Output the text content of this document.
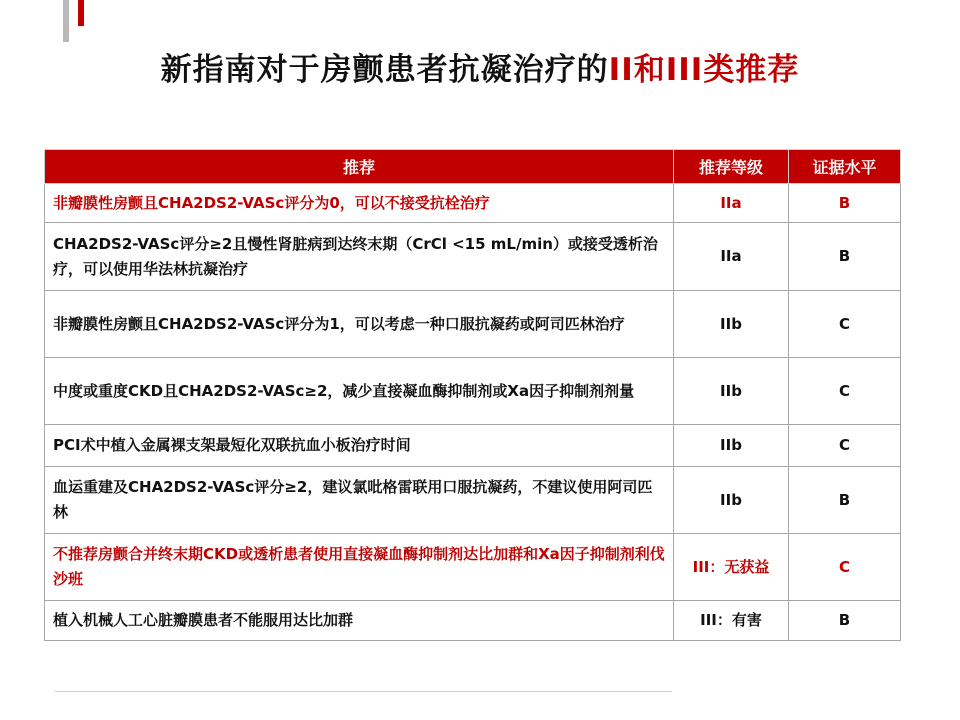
新指南对于房颤患者抗凝治疗的II和III类推荐
推荐	推荐等级	证据水平
非瓣膜性房颤且CHA2DS2-VASc评分为0，可以不接受抗栓治疗	IIa	B
CHA2DS2-VASc评分≥2且慢性肾脏病到达终末期（CrCl <15 mL/min）或接受透析治疗，可以使用华法林抗凝治疗	IIa	B
非瓣膜性房颤且CHA2DS2-VASc评分为1，可以考虑一种口服抗凝药或阿司匹林治疗	IIb	C
中度或重度CKD且CHA2DS2-VASc≥2，减少直接凝血酶抑制剂或Xa因子抑制剂剂量	IIb	C
PCI术中植入金属裸支架最短化双联抗血小板治疗时间	IIb	C
血运重建及CHA2DS2-VASc评分≥2，建议氯吡格雷联用口服抗凝药，不建议使用阿司匹林	IIb	B
不推荐房颤合并终末期CKD或透析患者使用直接凝血酶抑制剂达比加群和Xa因子抑制剂利伐沙班	III：无获益	C
植入机械人工心脏瓣膜患者不能服用达比加群	III：有害	B
